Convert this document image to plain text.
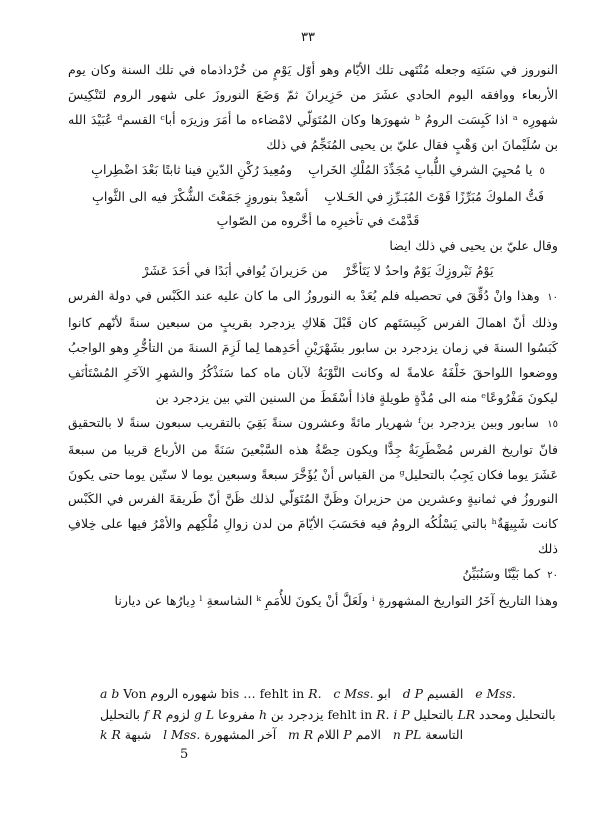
٣٣

النوروز في سَنَتِه وجعله مُنْتَهى تلك الأيّام وهو أوّل يَوْمٍ من خُرْداذماه في تلك السنة وكان يوم الأربعاء ووافقه اليوم الحادي عشَرَ من حَزِيرانَ ثمّ وَضَعَ النوروزَ على شهور الروم لتَنْكِيسَ شهورِه ᵃ اذا كَبِسَت الرومُ ᵇ شهورَها وكان المُتَوَلّي لامْضاءه ما أمَرَ وزيرَه أباᶜ القسمᵈ عُبَيْدَ الله بن سُلَيْمانَ ابن وَهْبٍ فقال عليّ بن يحيى المُنَجِّمُ في ذلك

٥ يا مُحيِيَ الشرفِ اللُّبابِ مُجَدِّدَ المُلْكِ الخَرابِ    ومُعِيدَ رُكْنِ الدّينِ فينا ثابتًا بَعْدَ اضْطِرابِ

فَتُّ الملوكَ مُبَرِّزًا فَوْتَ المُبَـرِّزِ في الحَـلابِ    أسْعِدْ بنوروزٍ جَمَعْتَ الشُّكْرَ فيه الى الثَّوابِ

قَدَّمْتَ في تأخيرِه ما أخَّروه من الصّوابِ

وقال عليّ بن يحيى في ذلك ايضا

يَوْمُ نَيْروزِكَ يَوْمٌ واحدٌ لا يَتَأخَّرْ    من حَزيرانَ يُوافي أبَدًا في أحَدَ عَشَرْ

١٠ وهذا وانْ دُقِّقَ في تحصيله فلم يُعَدْ به النوروزُ الى ما كان عليه عند الكَبْس في دولة الفرس وذلك أنّ اهمالَ الفرس كَبِيسَتَهم كان قَبْلَ هَلاكِ يزدجرد بقريبٍ من سبعين سنةً لأنّهم كانوا كَبَسُوا السنةَ في زمان يزدجرد بن سابور بشَهْرَيْنِ أحَدِهما لِما لَزِمَ السنةَ من التأخُّرِ وهو الواجبُ ووضعوا اللواحقَ خَلْفَهُ علامةً له وكانت النَّوْبَةُ لآبان ماه كما سَنَذْكُرُ والشهرِ الآخَرِ المُسْتَأنَفِ ليكونَ مَفْرُوعًاᵉ منه الى مُدَّةٍ طويلةٍ فاذا أسْقَطَ من السنين التي بين يزدجرد بن

١٥ سابور وبين يزدجرد بنᶠ شهريار مائةً وعشرون سنةً بَقِيَ بالتقريب سبعون سنةً لا بالتحقيق فانّ تواريخ الفرس مُضْطَرِبَةٌ جِدًّا ويكون حِصَّةُ هذه السَّبْعينَ سَنَةً من الأرباع قريبا من سبعةَ عَشَرَ يوما فكان يَجِبُ بالتحليلᵍ من القياس أنْ يُؤَخَّرَ سبعةً وسبعين يوما لا ستّين يوما حتى يكونَ النوروزُ في ثمانيةٍ وعشرين من حزيرانَ وظَنَّ المُتَوَلّي لذلك ظَنَّ أنّ طَريقةَ الفرس في الكَبْس كانت شَبِيهَةٌʰ بالتي يَسْلُكُه الرومُ فيه فحَسَبَ الأيّامَ من لدن زوالِ مُلْكِهم والأمْرُ فيها على خِلافِ ذلك

٢٠ كما بَيَّنّا وسَنُبَيِّنُ

وهذا التاريخ آخَرُ التواريخ المشهورةِ ⁱ ولَعَلَّ أنْ يكونَ للأُمَمِ ᵏ الشاسعةِ ˡ دِيارُها عن ديارنا

a b Von شهوره الروم bis … fehlt in R. c Mss. ابو d P القسيم e Mss.
بالتحليل f R لزوم g L مفروعا h يزدجرد بن fehlt in R. i P بالتحليل LR	بالتحليل ومحدد
k R شبهة l Mss. آخر المشهورة m R اللام P الامم n PL التاسعة
5
